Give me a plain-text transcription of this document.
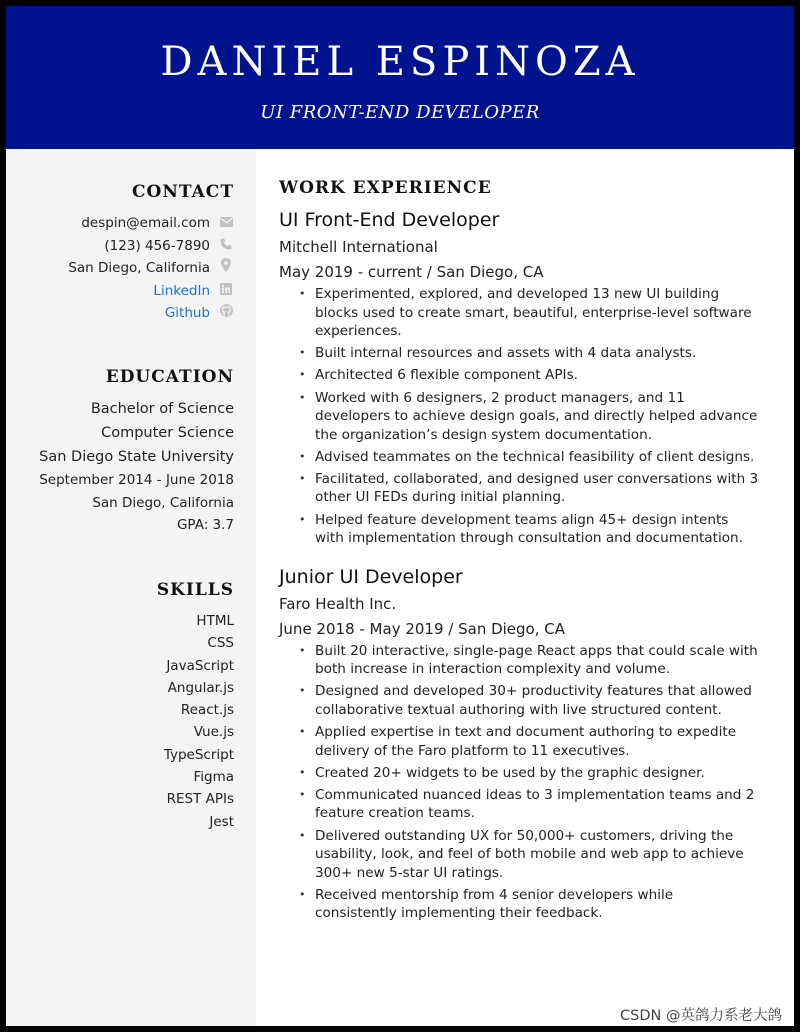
DANIEL ESPINOZA
UI FRONT-END DEVELOPER
CONTACT
despin@email.com
(123) 456-7890
San Diego, California
LinkedIn
Github
EDUCATION
Bachelor of Science
Computer Science
San Diego State University
September 2014 - June 2018
San Diego, California
GPA: 3.7
SKILLS
HTML
CSS
JavaScript
Angular.js
React.js
Vue.js
TypeScript
Figma
REST APIs
Jest
WORK EXPERIENCE
UI Front-End Developer
Mitchell International
May 2019 - current / San Diego, CA
• Experimented, explored, and developed 13 new UI building blocks used to create smart, beautiful, enterprise-level software experiences.
• Built internal resources and assets with 4 data analysts.
• Architected 6 flexible component APIs.
• Worked with 6 designers, 2 product managers, and 11 developers to achieve design goals, and directly helped advance the organization’s design system documentation.
• Advised teammates on the technical feasibility of client designs.
• Facilitated, collaborated, and designed user conversations with 3 other UI FEDs during initial planning.
• Helped feature development teams align 45+ design intents with implementation through consultation and documentation.
Junior UI Developer
Faro Health Inc.
June 2018 - May 2019 / San Diego, CA
• Built 20 interactive, single-page React apps that could scale with both increase in interaction complexity and volume.
• Designed and developed 30+ productivity features that allowed collaborative textual authoring with live structured content.
• Applied expertise in text and document authoring to expedite delivery of the Faro platform to 11 executives.
• Created 20+ widgets to be used by the graphic designer.
• Communicated nuanced ideas to 3 implementation teams and 2 feature creation teams.
• Delivered outstanding UX for 50,000+ customers, driving the usability, look, and feel of both mobile and web app to achieve 300+ new 5-star UI ratings.
• Received mentorship from 4 senior developers while consistently implementing their feedback.
CSDN @英鸽力系老大鸽
